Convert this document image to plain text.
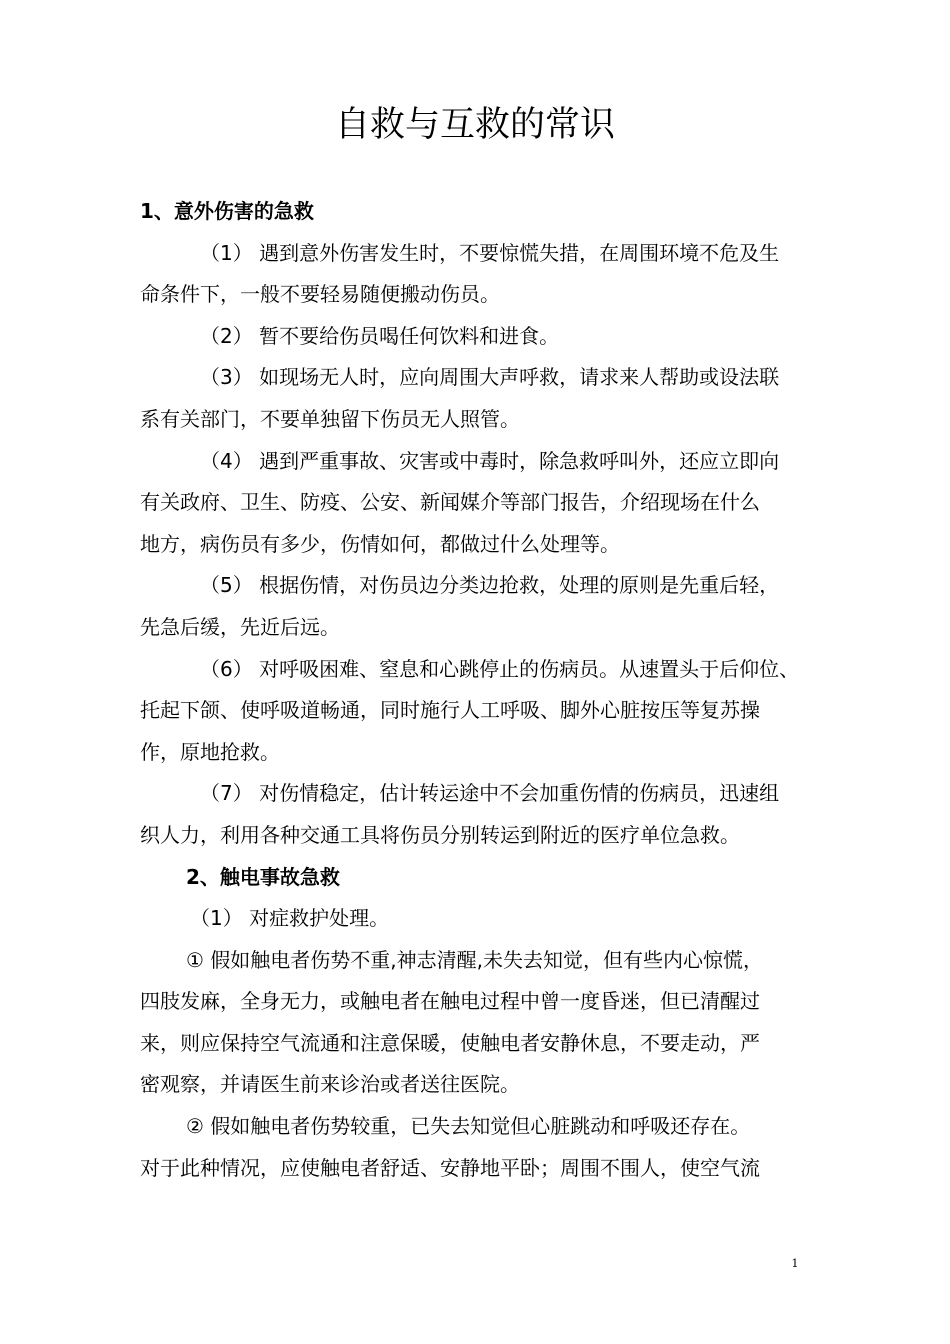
自救与互救的常识

1、意外伤害的急救

（1） 遇到意外伤害发生时，不要惊慌失措，在周围环境不危及生
命条件下，一般不要轻易随便搬动伤员。

（2） 暂不要给伤员喝任何饮料和进食。

（3） 如现场无人时，应向周围大声呼救，请求来人帮助或设法联
系有关部门，不要单独留下伤员无人照管。

（4） 遇到严重事故、灾害或中毒时，除急救呼叫外，还应立即向
有关政府、卫生、防疫、公安、新闻媒介等部门报告，介绍现场在什么
地方，病伤员有多少，伤情如何，都做过什么处理等。

（5） 根据伤情，对伤员边分类边抢救，处理的原则是先重后轻，
先急后缓，先近后远。

（6） 对呼吸困难、窒息和心跳停止的伤病员。从速置头于后仰位、
托起下颌、使呼吸道畅通，同时施行人工呼吸、脚外心脏按压等复苏操
作，原地抢救。

（7） 对伤情稳定，估计转运途中不会加重伤情的伤病员，迅速组
织人力，利用各种交通工具将伤员分别转运到附近的医疗单位急救。

2、触电事故急救

（1） 对症救护处理。

① 假如触电者伤势不重,神志清醒,未失去知觉，但有些内心惊慌，
四肢发麻，全身无力，或触电者在触电过程中曾一度昏迷，但已清醒过
来，则应保持空气流通和注意保暖，使触电者安静休息，不要走动，严
密观察，并请医生前来诊治或者送往医院。

② 假如触电者伤势较重，已失去知觉但心脏跳动和呼吸还存在。
对于此种情况，应使触电者舒适、安静地平卧；周围不围人，使空气流

1
